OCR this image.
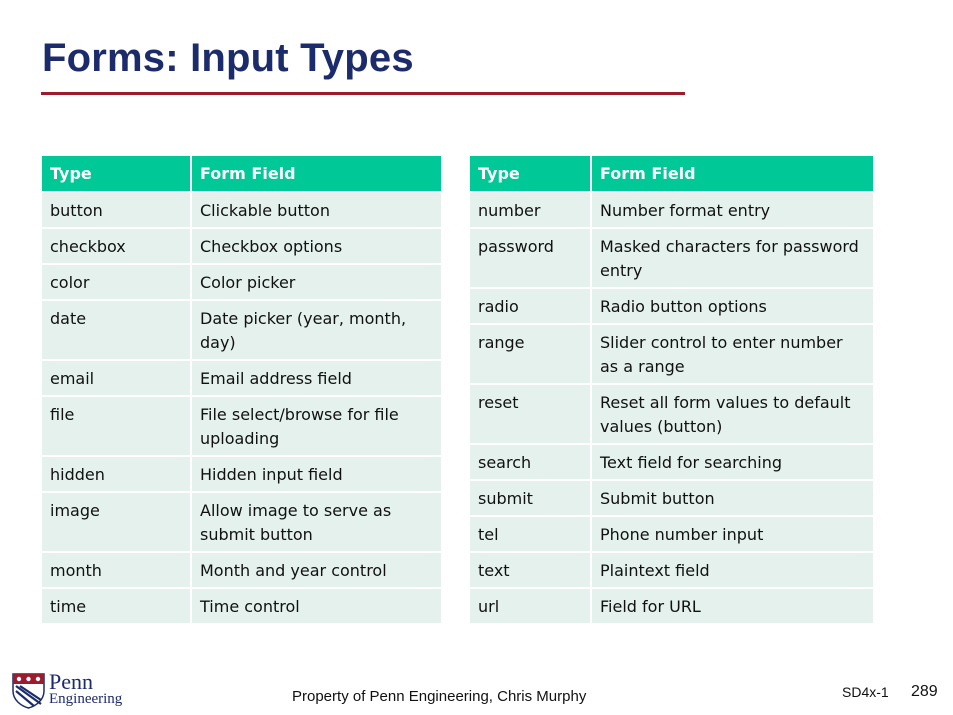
Forms: Input Types
Type	Form Field
button	Clickable button
checkbox	Checkbox options
color	Color picker
date	Date picker (year, month, day)
email	Email address field
file	File select/browse for file uploading
hidden	Hidden input field
image	Allow image to serve as submit button
month	Month and year control
time	Time control
Type	Form Field
number	Number format entry
password	Masked characters for password entry
radio	Radio button options
range	Slider control to enter number as a range
reset	Reset all form values to default values (button)
search	Text field for searching
submit	Submit button
tel	Phone number input
text	Plaintext field
url	Field for URL
Penn
Engineering	Property of Penn Engineering, Chris Murphy	SD4x-1 289
